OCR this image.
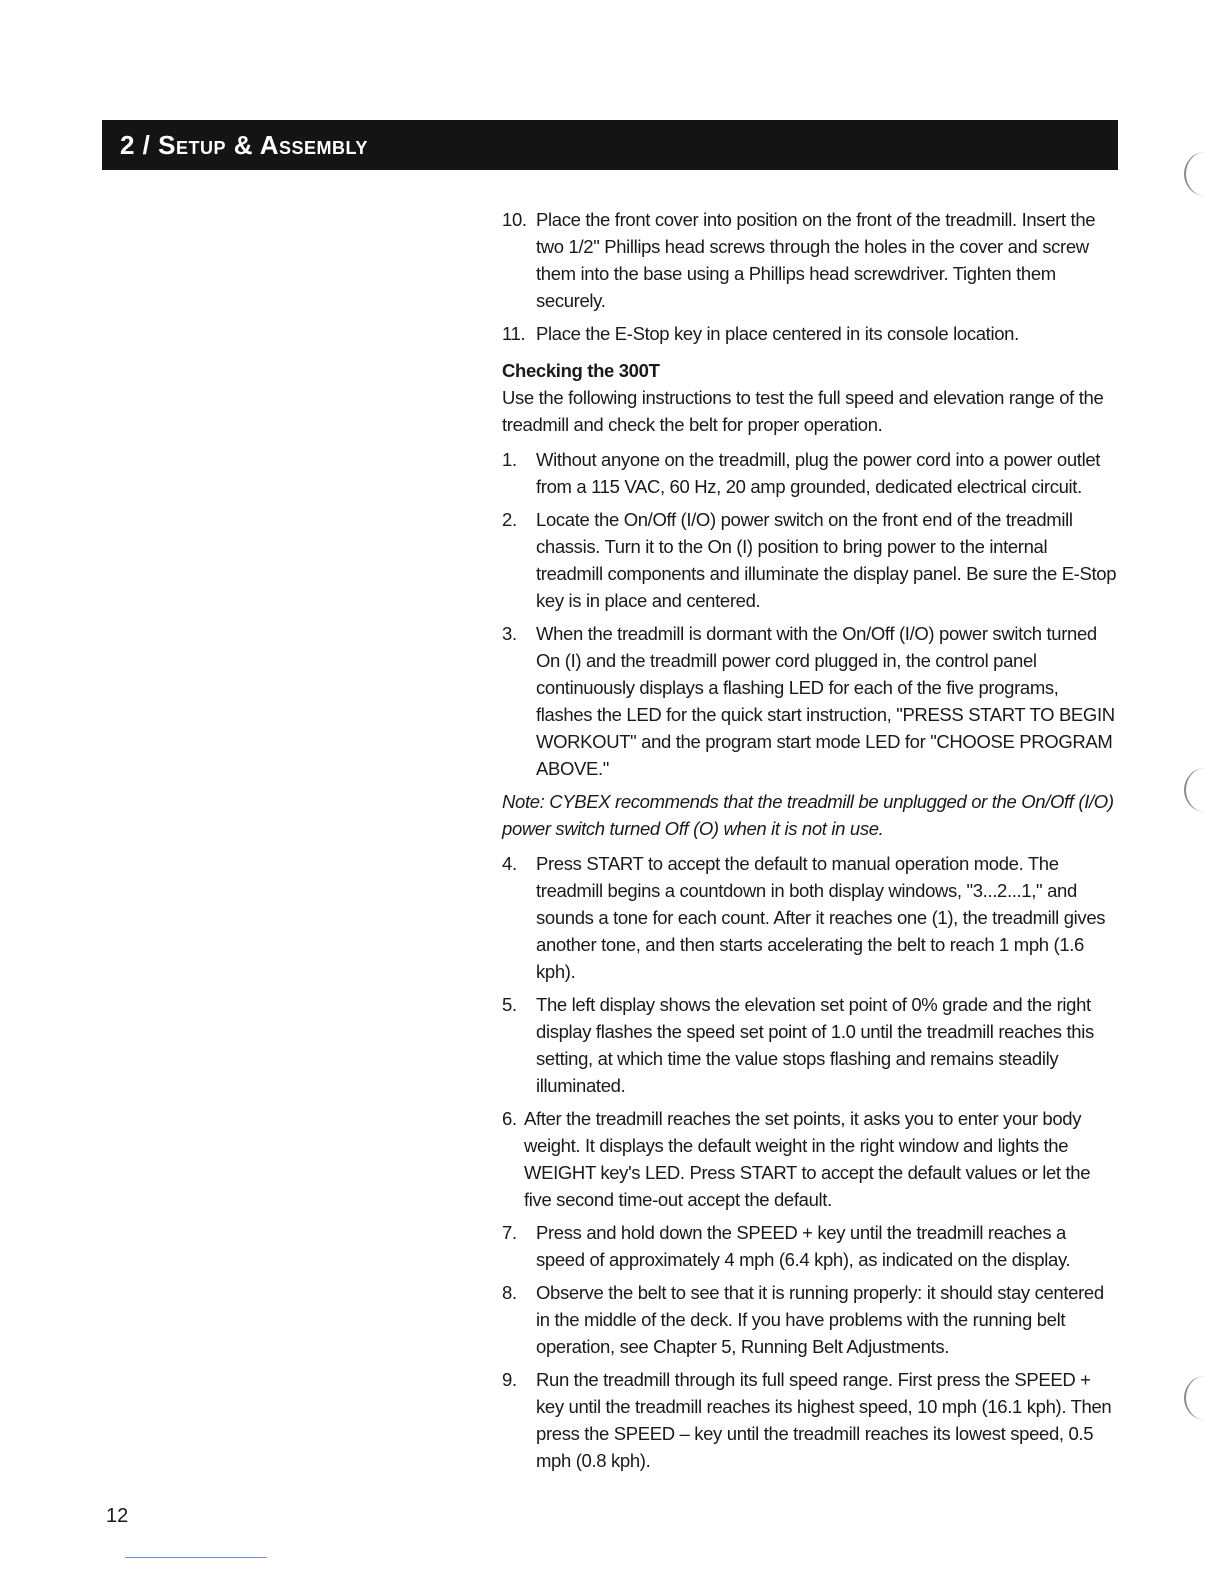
2 / Setup & Assembly
10. Place the front cover into position on the front of the treadmill. Insert the two 1/2" Phillips head screws through the holes in the cover and screw them into the base using a Phillips head screwdriver. Tighten them securely.
11. Place the E-Stop key in place centered in its console location.
Checking the 300T
Use the following instructions to test the full speed and elevation range of the treadmill and check the belt for proper operation.
1. Without anyone on the treadmill, plug the power cord into a power outlet from a 115 VAC, 60 Hz, 20 amp grounded, dedicated electrical circuit.
2. Locate the On/Off (I/O) power switch on the front end of the treadmill chassis. Turn it to the On (I) position to bring power to the internal treadmill components and illuminate the display panel. Be sure the E-Stop key is in place and centered.
3. When the treadmill is dormant with the On/Off (I/O) power switch turned On (I) and the treadmill power cord plugged in, the control panel continuously displays a flashing LED for each of the five programs, flashes the LED for the quick start instruction, "PRESS START TO BEGIN WORKOUT" and the program start mode LED for "CHOOSE PROGRAM ABOVE."
Note: CYBEX recommends that the treadmill be unplugged or the On/Off (I/O) power switch turned Off (O) when it is not in use.
4. Press START to accept the default to manual operation mode. The treadmill begins a countdown in both display windows, "3...2...1," and sounds a tone for each count. After it reaches one (1), the treadmill gives another tone, and then starts accelerating the belt to reach 1 mph (1.6 kph).
5. The left display shows the elevation set point of 0% grade and the right display flashes the speed set point of 1.0 until the treadmill reaches this setting, at which time the value stops flashing and remains steadily illuminated.
6. After the treadmill reaches the set points, it asks you to enter your body weight. It displays the default weight in the right window and lights the WEIGHT key's LED. Press START to accept the default values or let the five second time-out accept the default.
7. Press and hold down the SPEED + key until the treadmill reaches a speed of approximately 4 mph (6.4 kph), as indicated on the display.
8. Observe the belt to see that it is running properly: it should stay centered in the middle of the deck. If you have problems with the running belt operation, see Chapter 5, Running Belt Adjustments.
9. Run the treadmill through its full speed range. First press the SPEED + key until the treadmill reaches its highest speed, 10 mph (16.1 kph). Then press the SPEED – key until the treadmill reaches its lowest speed, 0.5 mph (0.8 kph).
12
